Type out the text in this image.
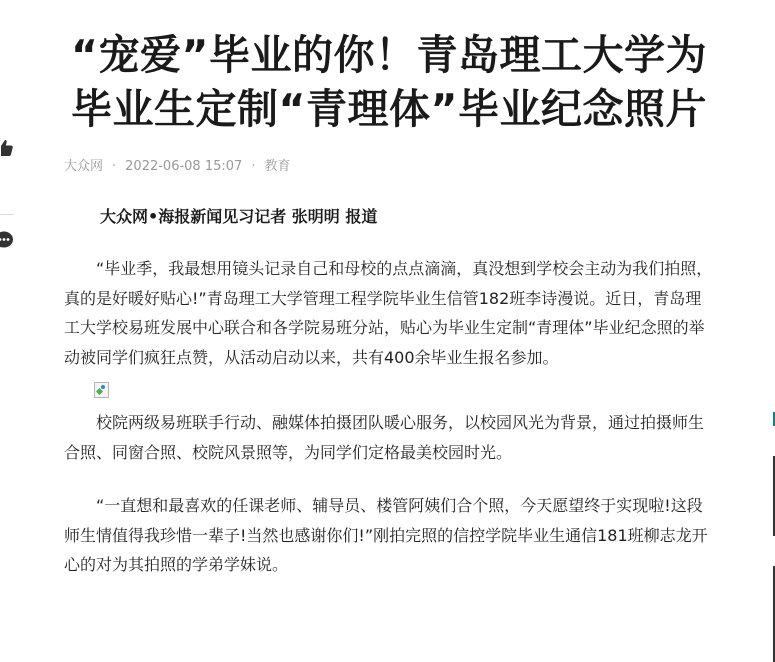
“宠爱”毕业的你！青岛理工大学为毕业生定制“青理体”毕业纪念照片
大众网 · 2022-06-08 15:07 · 教育

大众网•海报新闻见习记者 张明明 报道

“毕业季，我最想用镜头记录自己和母校的点点滴滴，真没想到学校会主动为我们拍照，真的是好暖好贴心!”青岛理工大学管理工程学院毕业生信管182班李诗漫说。近日，青岛理工大学校易班发展中心联合和各学院易班分站，贴心为毕业生定制“青理体”毕业纪念照的举动被同学们疯狂点赞，从活动启动以来，共有400余毕业生报名参加。

校院两级易班联手行动、融媒体拍摄团队暖心服务，以校园风光为背景，通过拍摄师生合照、同窗合照、校院风景照等，为同学们定格最美校园时光。

“一直想和最喜欢的任课老师、辅导员、楼管阿姨们合个照，今天愿望终于实现啦!这段师生情值得我珍惜一辈子!当然也感谢你们!”刚拍完照的信控学院毕业生通信181班柳志龙开心的对为其拍照的学弟学妹说。
